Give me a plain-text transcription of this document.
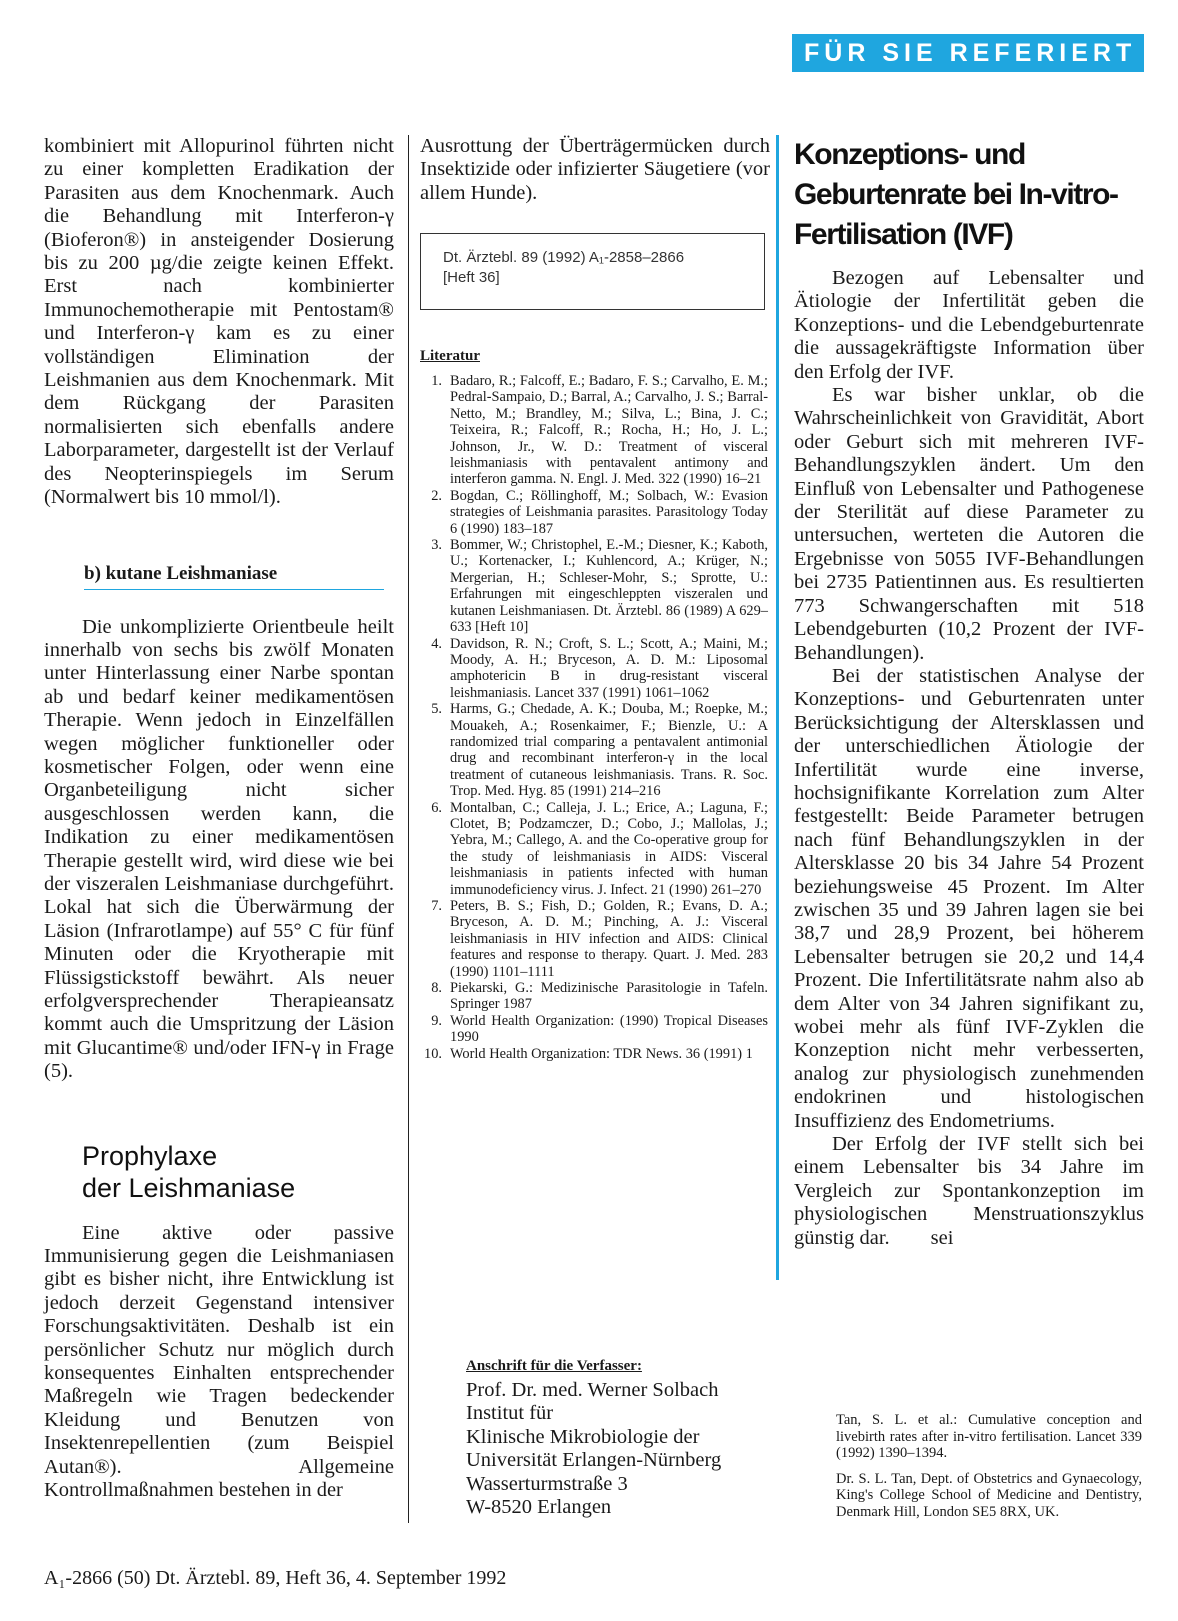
FÜR SIE REFERIERT

kombiniert mit Allopurinol führten nicht zu einer kompletten Eradikation der Parasiten aus dem Knochenmark. Auch die Behandlung mit Interferon-γ (Bioferon®) in ansteigender Dosierung bis zu 200 µg/die zeigte keinen Effekt. Erst nach kombinierter Immunochemotherapie mit Pentostam® und Interferon-γ kam es zu einer vollständigen Elimination der Leishmanien aus dem Knochenmark. Mit dem Rückgang der Parasiten normalisierten sich ebenfalls andere Laborparameter, dargestellt ist der Verlauf des Neopterinspiegels im Serum (Normalwert bis 10 mmol/l).

b) kutane Leishmaniase

Die unkomplizierte Orientbeule heilt innerhalb von sechs bis zwölf Monaten unter Hinterlassung einer Narbe spontan ab und bedarf keiner medikamentösen Therapie. Wenn jedoch in Einzelfällen wegen möglicher funktioneller oder kosmetischer Folgen, oder wenn eine Organbeteiligung nicht sicher ausgeschlossen werden kann, die Indikation zu einer medikamentösen Therapie gestellt wird, wird diese wie bei der viszeralen Leishmaniase durchgeführt. Lokal hat sich die Überwärmung der Läsion (Infrarotlampe) auf 55° C für fünf Minuten oder die Kryotherapie mit Flüssigstickstoff bewährt. Als neuer erfolgversprechender Therapieansatz kommt auch die Umspritzung der Läsion mit Glucantime® und/oder IFN-γ in Frage (5).

Prophylaxe
der Leishmaniase

Eine aktive oder passive Immunisierung gegen die Leishmaniasen gibt es bisher nicht, ihre Entwicklung ist jedoch derzeit Gegenstand intensiver Forschungsaktivitäten. Deshalb ist ein persönlicher Schutz nur möglich durch konsequentes Einhalten entsprechender Maßregeln wie Tragen bedeckender Kleidung und Benutzen von Insektenrepellentien (zum Beispiel Autan®). Allgemeine Kontrollmaßnahmen bestehen in der

Ausrottung der Überträgermücken durch Insektizide oder infizierter Säugetiere (vor allem Hunde).

Dt. Ärztebl. 89 (1992) A₁-2858–2866
[Heft 36]
Literatur
1. Badaro, R.; Falcoff, E.; Badaro, F. S.; Carvalho, E. M.; Pedral-Sampaio, D.; Barral, A.; Carvalho, J. S.; Barral-Netto, M.; Brandley, M.; Silva, L.; Bina, J. C.; Teixeira, R.; Falcoff, R.; Rocha, H.; Ho, J. L.; Johnson, Jr., W. D.: Treatment of visceral leishmaniasis with pentavalent antimony and interferon gamma. N. Engl. J. Med. 322 (1990) 16–21
2. Bogdan, C.; Röllinghoff, M.; Solbach, W.: Evasion strategies of Leishmania parasites. Parasitology Today 6 (1990) 183–187
3. Bommer, W.; Christophel, E.-M.; Diesner, K.; Kaboth, U.; Kortenacker, I.; Kuhlencord, A.; Krüger, N.; Mergerian, H.; Schleser-Mohr, S.; Sprotte, U.: Erfahrungen mit eingeschleppten viszeralen und kutanen Leishmaniasen. Dt. Ärztebl. 86 (1989) A 629–633 [Heft 10]
4. Davidson, R. N.; Croft, S. L.; Scott, A.; Maini, M.; Moody, A. H.; Bryceson, A. D. M.: Liposomal amphotericin B in drug-resistant visceral leishmaniasis. Lancet 337 (1991) 1061–1062
5. Harms, G.; Chedade, A. K.; Douba, M.; Roepke, M.; Mouakeh, A.; Rosenkaimer, F.; Bienzle, U.: A randomized trial comparing a pentavalent antimonial drug and recombinant interferon-γ in the local treatment of cutaneous leishmaniasis. Trans. R. Soc. Trop. Med. Hyg. 85 (1991) 214–216
6. Montalban, C.; Calleja, J. L.; Erice, A.; Laguna, F.; Clotet, B; Podzamczer, D.; Cobo, J.; Mallolas, J.; Yebra, M.; Callego, A. and the Co-operative group for the study of leishmaniasis in AIDS: Visceral leishmaniasis in patients infected with human immunodeficiency virus. J. Infect. 21 (1990) 261–270
7. Peters, B. S.; Fish, D.; Golden, R.; Evans, D. A.; Bryceson, A. D. M.; Pinching, A. J.: Visceral leishmaniasis in HIV infection and AIDS: Clinical features and response to therapy. Quart. J. Med. 283 (1990) 1101–1111
8. Piekarski, G.: Medizinische Parasitologie in Tafeln. Springer 1987
9. World Health Organization: (1990) Tropical Diseases 1990
10. World Health Organization: TDR News. 36 (1991) 1

Anschrift für die Verfasser:

Prof. Dr. med. Werner Solbach

Institut für

Klinische Mikrobiologie der

Universität Erlangen-Nürnberg

Wasserturmstraße 3

W-8520 Erlangen

Konzeptions- und
Geburtenrate bei In-vitro-
Fertilisation (IVF)

Bezogen auf Lebensalter und Ätiologie der Infertilität geben die Konzeptions- und die Lebendgeburtenrate die aussagekräftigste Information über den Erfolg der IVF.

Es war bisher unklar, ob die Wahrscheinlichkeit von Gravidität, Abort oder Geburt sich mit mehreren IVF-Behandlungszyklen ändert. Um den Einfluß von Lebensalter und Pathogenese der Sterilität auf diese Parameter zu untersuchen, werteten die Autoren die Ergebnisse von 5055 IVF-Behandlungen bei 2735 Patientinnen aus. Es resultierten 773 Schwangerschaften mit 518 Lebendgeburten (10,2 Prozent der IVF-Behandlungen).

Bei der statistischen Analyse der Konzeptions- und Geburtenraten unter Berücksichtigung der Altersklassen und der unterschiedlichen Ätiologie der Infertilität wurde eine inverse, hochsignifikante Korrelation zum Alter festgestellt: Beide Parameter betrugen nach fünf Behandlungszyklen in der Altersklasse 20 bis 34 Jahre 54 Prozent beziehungsweise 45 Prozent. Im Alter zwischen 35 und 39 Jahren lagen sie bei 38,7 und 28,9 Prozent, bei höherem Lebensalter betrugen sie 20,2 und 14,4 Prozent. Die Infertilitätsrate nahm also ab dem Alter von 34 Jahren signifikant zu, wobei mehr als fünf IVF-Zyklen die Konzeption nicht mehr verbesserten, analog zur physiologisch zunehmenden endokrinen und histologischen Insuffizienz des Endometriums.

Der Erfolg der IVF stellt sich bei einem Lebensalter bis 34 Jahre im Vergleich zur Spontankonzeption im physiologischen Menstruationszyklus günstig dar.        sei

Tan, S. L. et al.: Cumulative conception and livebirth rates after in-vitro fertilisation. Lancet 339 (1992) 1390–1394.

Dr. S. L. Tan, Dept. of Obstetrics and Gynaecology, King's College School of Medicine and Dentistry, Denmark Hill, London SE5 8RX, UK.

A₁-2866 (50) Dt. Ärztebl. 89, Heft 36, 4. September 1992
